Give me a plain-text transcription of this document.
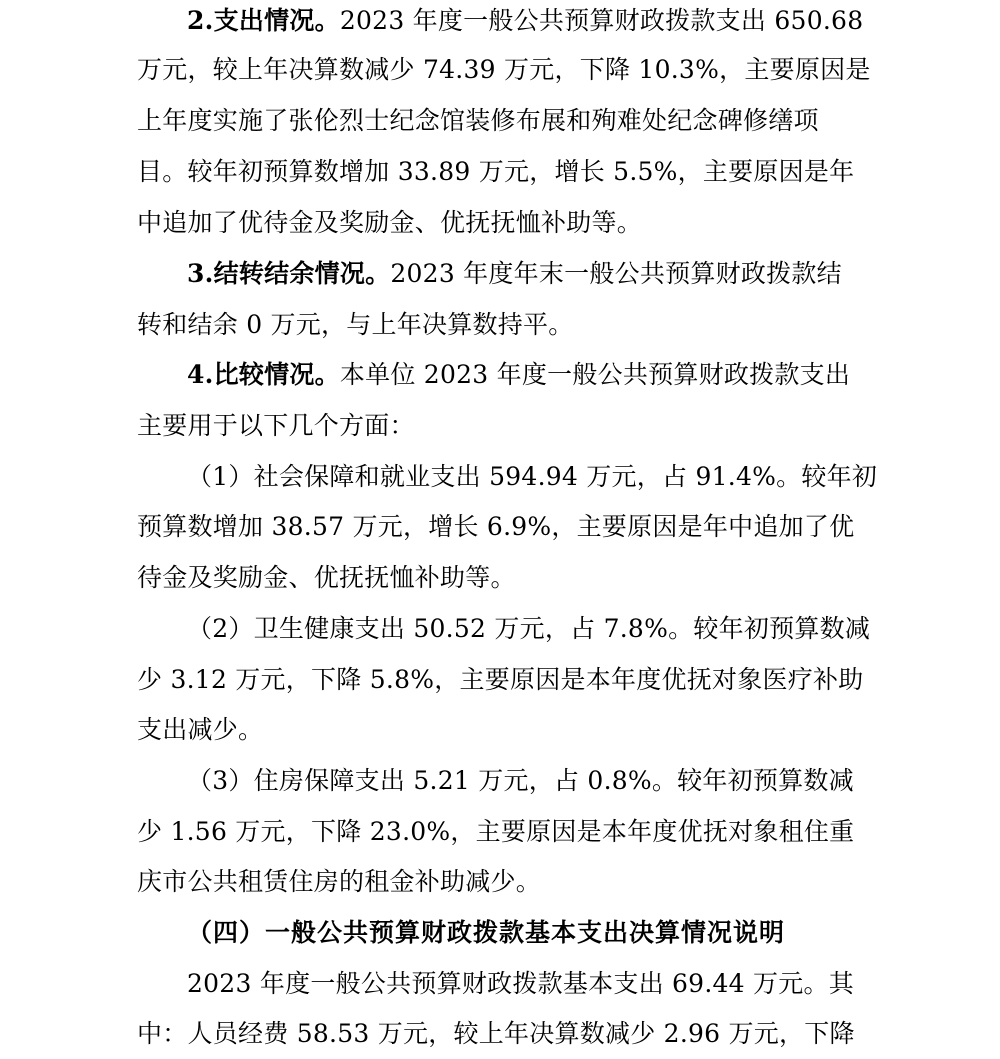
2.支出情况。2023 年度一般公共预算财政拨款支出 650.68
万元，较上年决算数减少 74.39 万元，下降 10.3%，主要原因是
上年度实施了张伦烈士纪念馆装修布展和殉难处纪念碑修缮项
目。较年初预算数增加 33.89 万元，增长 5.5%，主要原因是年
中追加了优待金及奖励金、优抚抚恤补助等。
3.结转结余情况。2023 年度年末一般公共预算财政拨款结
转和结余 0 万元，与上年决算数持平。
4.比较情况。本单位 2023 年度一般公共预算财政拨款支出
主要用于以下几个方面：
（1）社会保障和就业支出 594.94 万元，占 91.4%。较年初
预算数增加 38.57 万元，增长 6.9%，主要原因是年中追加了优
待金及奖励金、优抚抚恤补助等。
（2）卫生健康支出 50.52 万元，占 7.8%。较年初预算数减
少 3.12 万元，下降 5.8%，主要原因是本年度优抚对象医疗补助
支出减少。
（3）住房保障支出 5.21 万元，占 0.8%。较年初预算数减
少 1.56 万元，下降 23.0%，主要原因是本年度优抚对象租住重
庆市公共租赁住房的租金补助减少。
（四）一般公共预算财政拨款基本支出决算情况说明
2023 年度一般公共预算财政拨款基本支出 69.44 万元。其
中：人员经费 58.53 万元，较上年决算数减少 2.96 万元，下降
